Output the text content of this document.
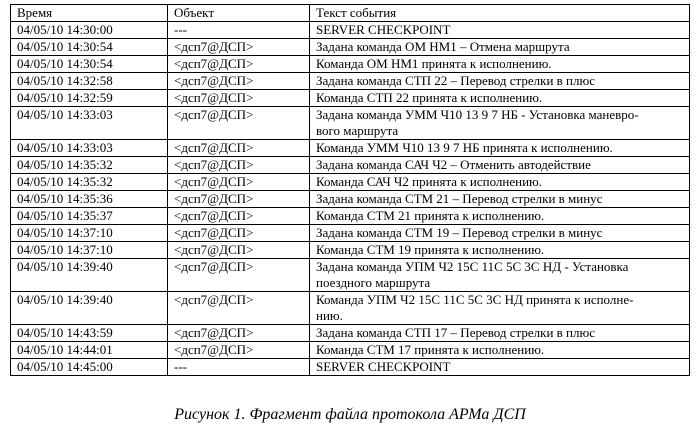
Время	Объект	Текст события
04/05/10 14:30:00	---	SERVER CHECKPOINT
04/05/10 14:30:54	<дсп7@ДСП>	Задана команда ОМ НМ1 – Отмена маршрута
04/05/10 14:30:54	<дсп7@ДСП>	Команда ОМ НМ1 принята к исполнению.
04/05/10 14:32:58	<дсп7@ДСП>	Задана команда СТП 22 – Перевод стрелки в плюс
04/05/10 14:32:59	<дсп7@ДСП>	Команда СТП 22 принята к исполнению.
04/05/10 14:33:03	<дсп7@ДСП>	Задана команда УММ Ч10 13 9 7 НБ - Установка маневро-
вого маршрута
04/05/10 14:33:03	<дсп7@ДСП>	Команда УММ Ч10 13 9 7 НБ принята к исполнению.
04/05/10 14:35:32	<дсп7@ДСП>	Задана команда САЧ Ч2 – Отменить автодействие
04/05/10 14:35:32	<дсп7@ДСП>	Команда САЧ Ч2 принята к исполнению.
04/05/10 14:35:36	<дсп7@ДСП>	Задана команда СТМ 21 – Перевод стрелки в минус
04/05/10 14:35:37	<дсп7@ДСП>	Команда СТМ 21 принята к исполнению.
04/05/10 14:37:10	<дсп7@ДСП>	Задана команда СТМ 19 – Перевод стрелки в минус
04/05/10 14:37:10	<дсп7@ДСП>	Команда СТМ 19 принята к исполнению.
04/05/10 14:39:40	<дсп7@ДСП>	Задана команда УПМ Ч2 15С 11С 5С 3С НД - Установка
поездного маршрута
04/05/10 14:39:40	<дсп7@ДСП>	Команда УПМ Ч2 15С 11С 5С 3С НД принята к исполне-
нию.
04/05/10 14:43:59	<дсп7@ДСП>	Задана команда СТП 17 – Перевод стрелки в плюс
04/05/10 14:44:01	<дсп7@ДСП>	Команда СТМ 17 принята к исполнению.
04/05/10 14:45:00	---	SERVER CHECKPOINT
Рисунок 1. Фрагмент файла протокола АРМа ДСП
